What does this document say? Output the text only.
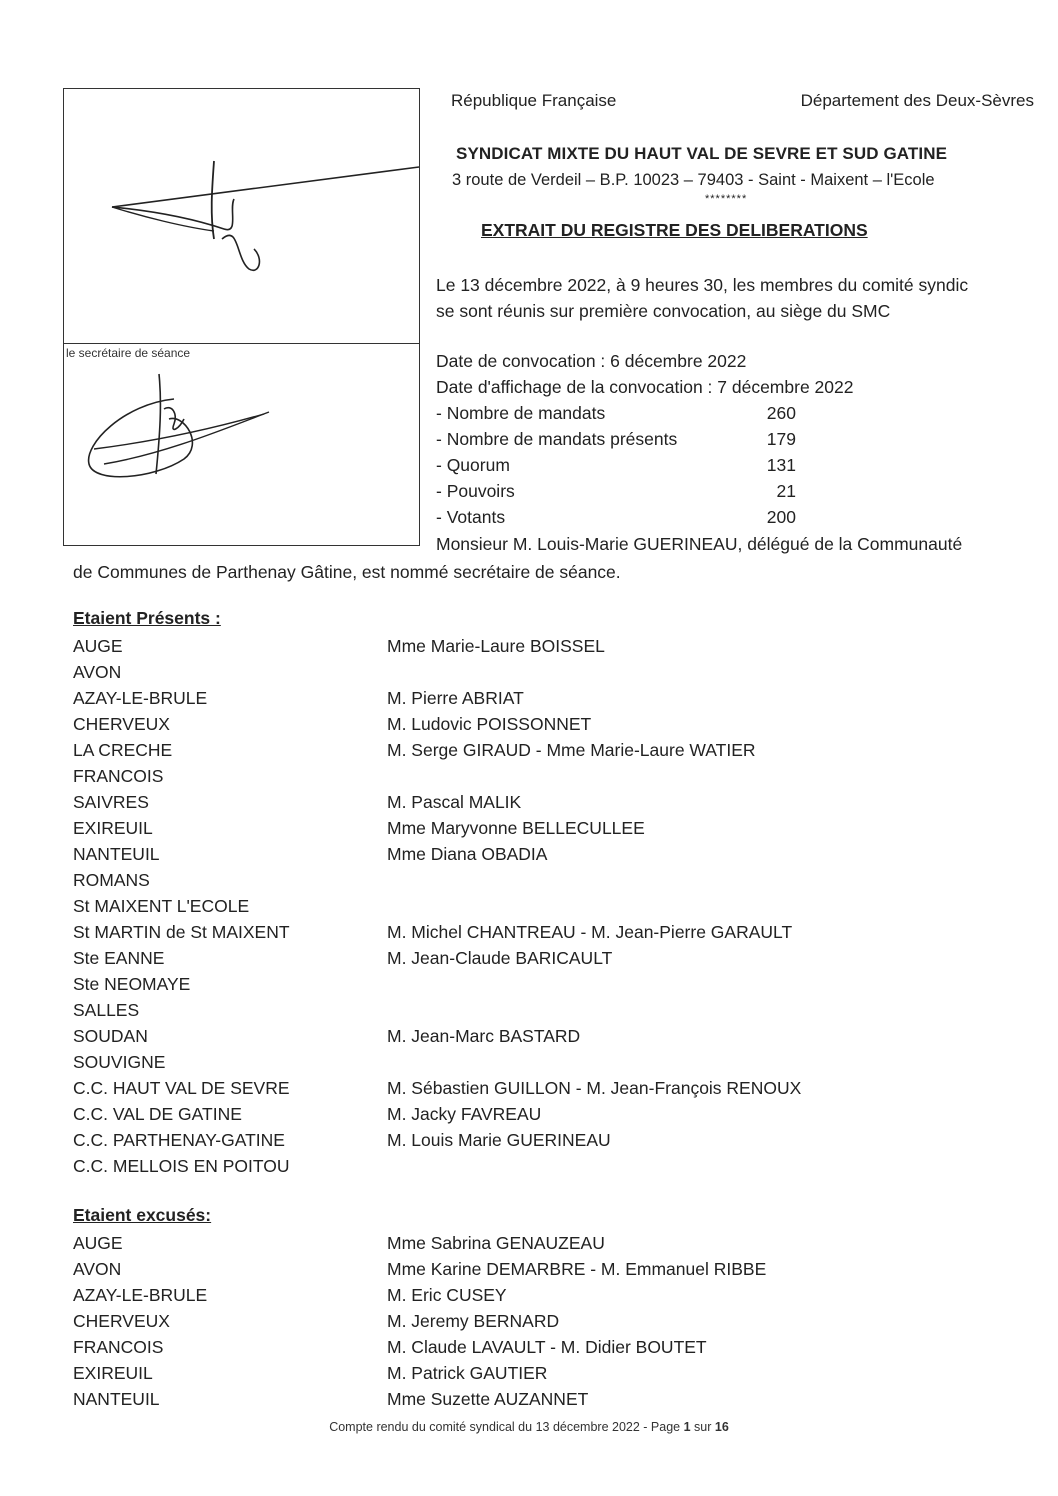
le secrétaire de séance
République Française	Département des Deux-Sèvres
SYNDICAT MIXTE DU HAUT VAL DE SEVRE ET SUD GATINE
3 route de Verdeil – B.P. 10023 – 79403 - Saint - Maixent – l'Ecole
********
EXTRAIT DU REGISTRE DES DELIBERATIONS
Le 13 décembre 2022, à 9 heures 30, les membres du comité syndic
se sont réunis sur première convocation, au siège du SMC
Date de convocation : 6 décembre 2022
Date d'affichage de la convocation : 7 décembre 2022
- Nombre de mandats	260
- Nombre de mandats présents	179
- Quorum	131
- Pouvoirs	21
- Votants	200
Monsieur M. Louis-Marie GUERINEAU, délégué de la Communauté
de Communes de Parthenay Gâtine, est nommé secrétaire de séance.
Etaient Présents :
AUGE	Mme Marie-Laure BOISSEL
AVON
AZAY-LE-BRULE	M. Pierre ABRIAT
CHERVEUX	M. Ludovic POISSONNET
LA CRECHE	M. Serge GIRAUD - Mme Marie-Laure WATIER
FRANCOIS
SAIVRES	M. Pascal MALIK
EXIREUIL	Mme Maryvonne BELLECULLEE
NANTEUIL	Mme Diana OBADIA
ROMANS
St MAIXENT L'ECOLE
St MARTIN de St MAIXENT	M. Michel CHANTREAU - M. Jean-Pierre GARAULT
Ste EANNE	M. Jean-Claude BARICAULT
Ste NEOMAYE
SALLES
SOUDAN	M. Jean-Marc BASTARD
SOUVIGNE
C.C. HAUT VAL DE SEVRE	M. Sébastien GUILLON - M. Jean-François RENOUX
C.C. VAL DE GATINE	M. Jacky FAVREAU
C.C. PARTHENAY-GATINE	M. Louis Marie GUERINEAU
C.C. MELLOIS EN POITOU
Etaient excusés:
AUGE	Mme Sabrina GENAUZEAU
AVON	Mme Karine DEMARBRE - M. Emmanuel RIBBE
AZAY-LE-BRULE	M. Eric CUSEY
CHERVEUX	M. Jeremy BERNARD
FRANCOIS	M. Claude LAVAULT - M. Didier BOUTET
EXIREUIL	M. Patrick GAUTIER
NANTEUIL	Mme Suzette AUZANNET
Compte rendu du comité syndical du 13 décembre 2022 - Page 1 sur 16
